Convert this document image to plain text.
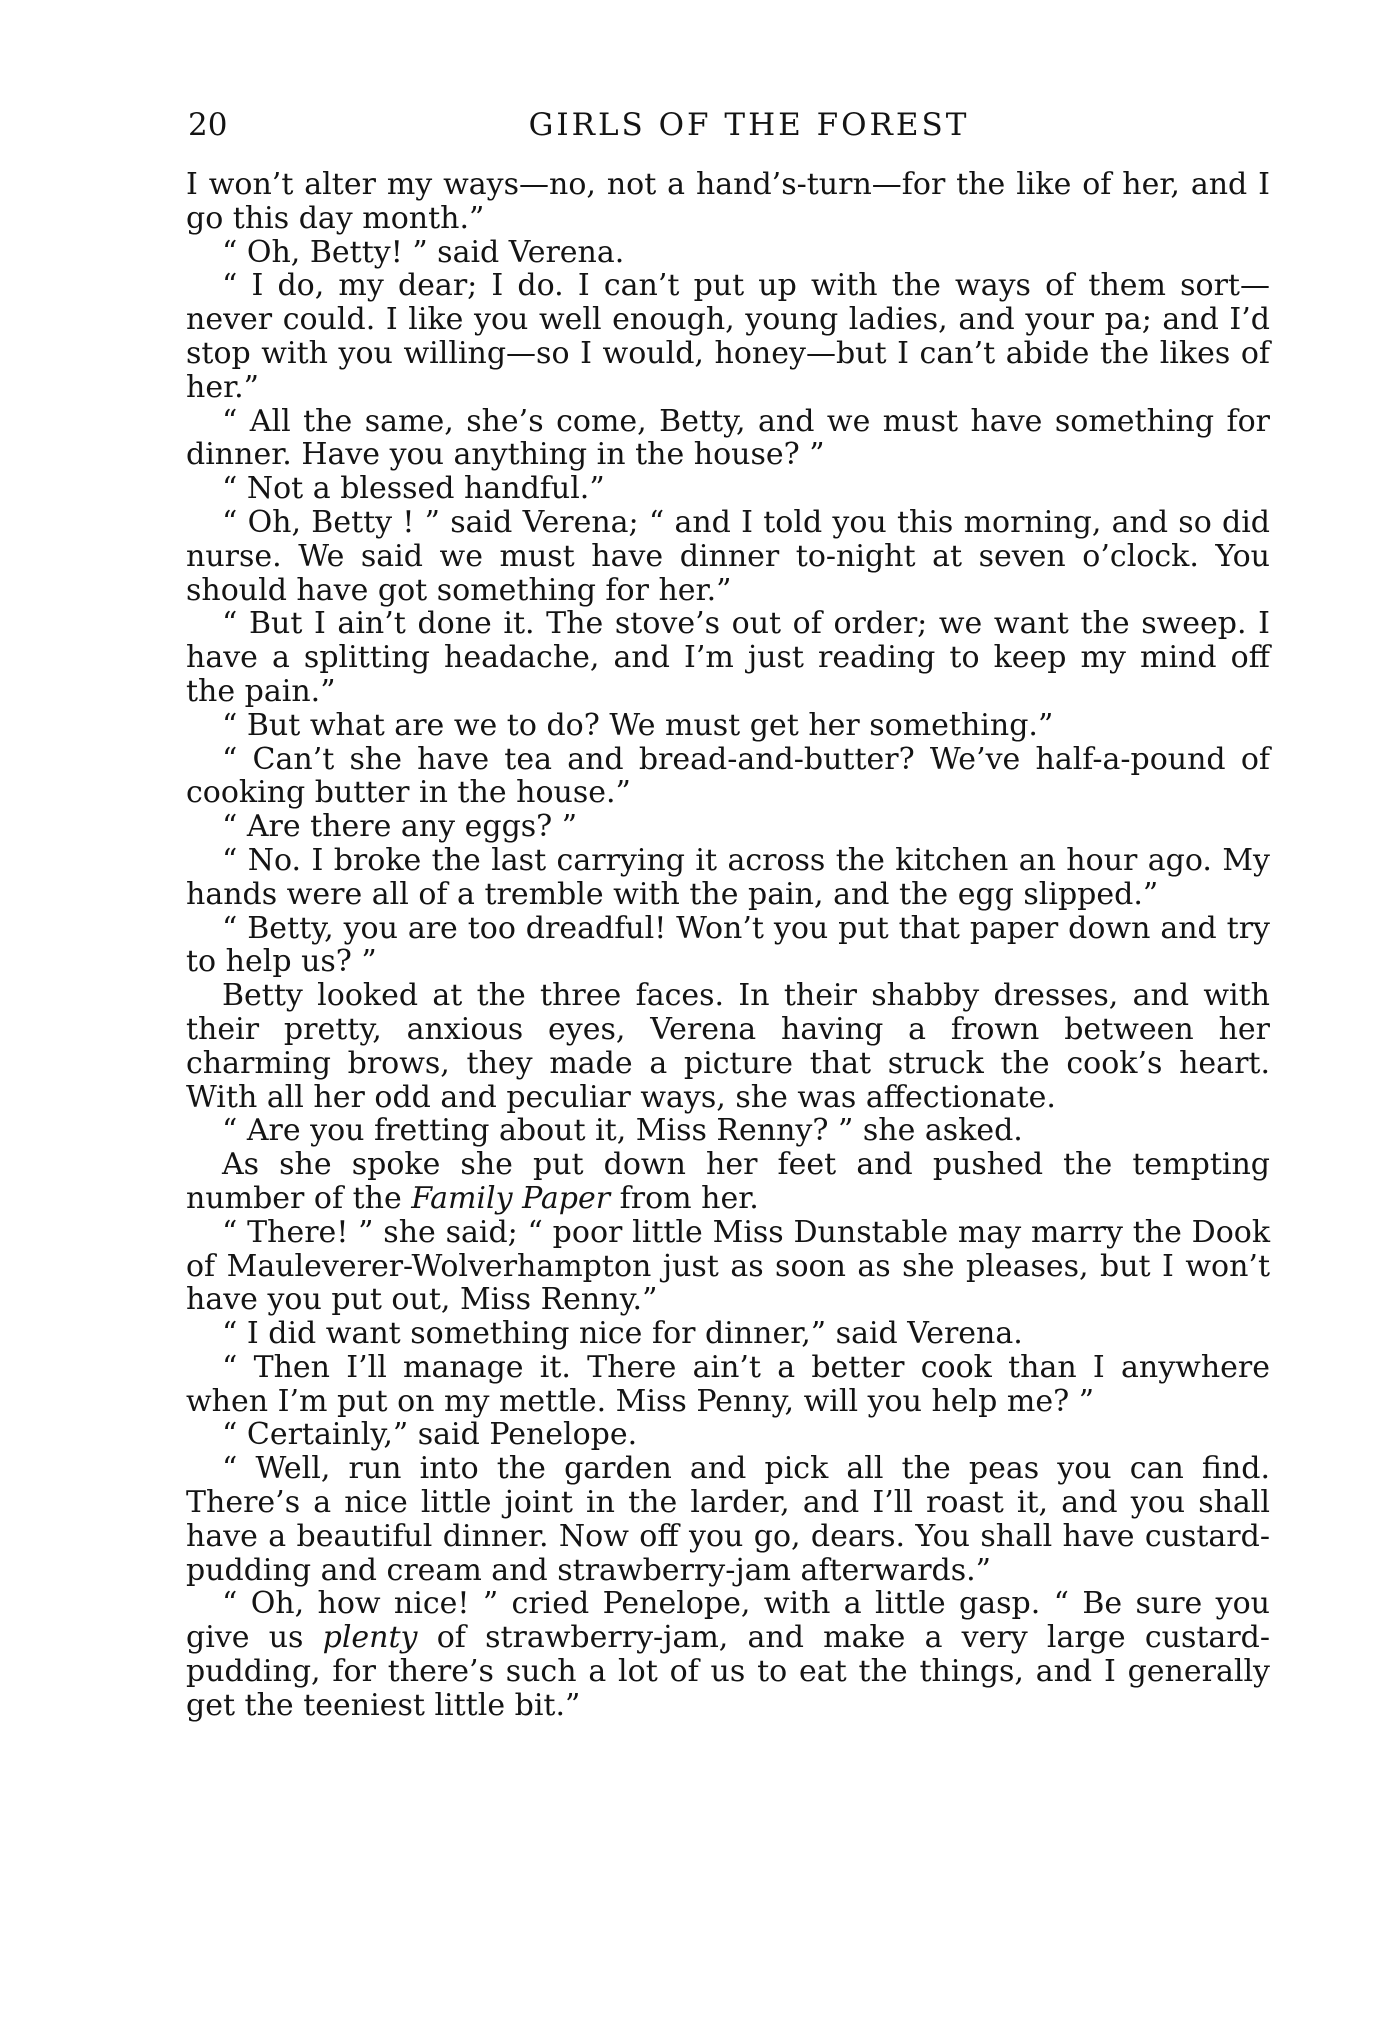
20	GIRLS OF THE FOREST

I won’t alter my ways—no, not a hand’s-turn—for the like of her, and I go this day month.”

“ Oh, Betty! ” said Verena.

“ I do, my dear; I do. I can’t put up with the ways of them sort—never could. I like you well enough, young ladies, and your pa; and I’d stop with you willing—so I would, honey—but I can’t abide the likes of her.”

“ All the same, she’s come, Betty, and we must have something for dinner. Have you anything in the house? ”

“ Not a blessed handful.”

“ Oh, Betty ! ” said Verena; “ and I told you this morning, and so did nurse. We said we must have dinner to-night at seven o’clock. You should have got something for her.”

“ But I ain’t done it. The stove’s out of order; we want the sweep. I have a splitting headache, and I’m just reading to keep my mind off the pain.”

“ But what are we to do? We must get her something.”

“ Can’t she have tea and bread-and-butter? We’ve half-a-pound of cooking butter in the house.”

“ Are there any eggs? ”

“ No. I broke the last carrying it across the kitchen an hour ago. My hands were all of a tremble with the pain, and the egg slipped.”

“ Betty, you are too dreadful! Won’t you put that paper down and try to help us? ”

Betty looked at the three faces. In their shabby dresses, and with their pretty, anxious eyes, Verena having a frown between her charming brows, they made a picture that struck the cook’s heart. With all her odd and peculiar ways, she was affectionate.

“ Are you fretting about it, Miss Renny? ” she asked.

As she spoke she put down her feet and pushed the tempting number of the Family Paper from her.

“ There! ” she said; “ poor little Miss Dunstable may marry the Dook of Mauleverer-Wolverhampton just as soon as she pleases, but I won’t have you put out, Miss Renny.”

“ I did want something nice for dinner,” said Verena.

“ Then I’ll manage it. There ain’t a better cook than I anywhere when I’m put on my mettle. Miss Penny, will you help me? ”

“ Certainly,” said Penelope.

“ Well, run into the garden and pick all the peas you can find. There’s a nice little joint in the larder, and I’ll roast it, and you shall have a beautiful dinner. Now off you go, dears. You shall have custard-pudding and cream and strawberry-jam afterwards.”

“ Oh, how nice! ” cried Penelope, with a little gasp. “ Be sure you give us plenty of strawberry-jam, and make a very large custard-pudding, for there’s such a lot of us to eat the things, and I generally get the teeniest little bit.”
